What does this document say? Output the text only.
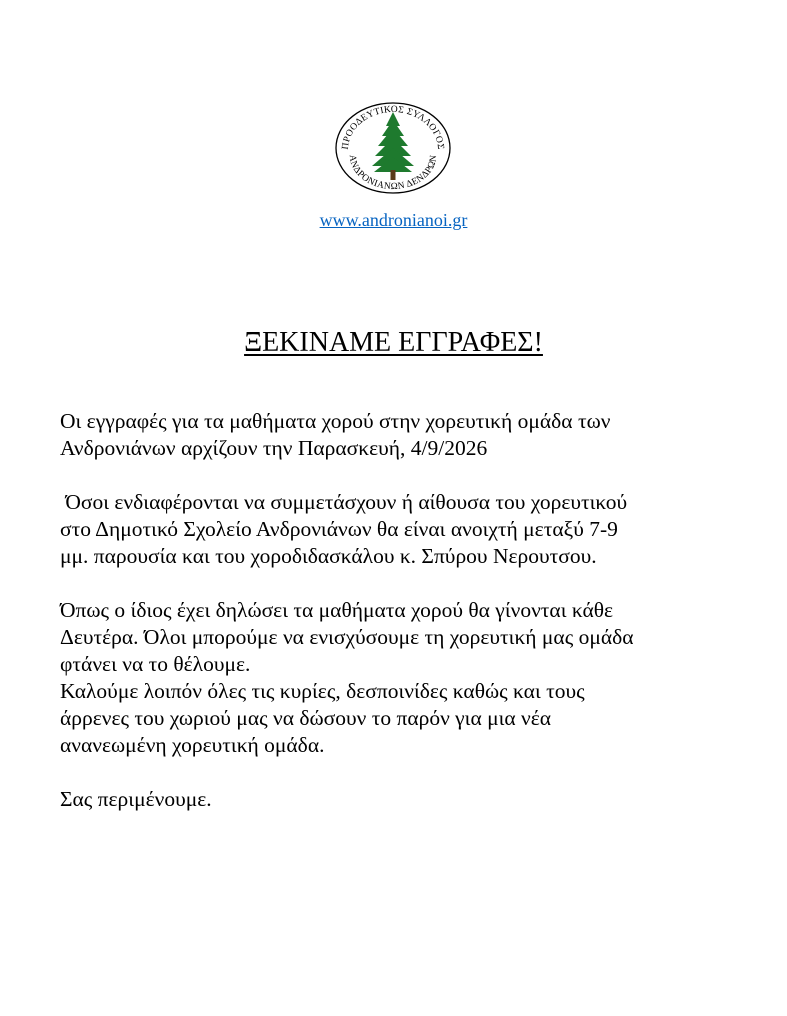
ΠΡΟΟΔΕΥΤΙΚΟΣ ΣΥΛΛΟΓΟΣ
ΑΝΔΡΟΝΙΑΝΩΝ ΔΕΝΔΡΩΝ
www.andronianoi.gr
ΞΕΚΙΝΑΜΕ ΕΓΓΡΑΦΕΣ!

Οι εγγραφές για τα μαθήματα χορού στην χορευτική ομάδα των

Ανδρονιάνων αρχίζουν την Παρασκευή, 4/9/2026

Όσοι ενδιαφέρονται να συμμετάσχουν ή αίθουσα του χορευτικού

στο Δημοτικό Σχολείο Ανδρονιάνων θα είναι ανοιχτή μεταξύ 7-9

μμ. παρουσία και του χοροδιδασκάλου κ. Σπύρου Νερουτσου.

Όπως ο ίδιος έχει δηλώσει τα μαθήματα χορού θα γίνονται κάθε

Δευτέρα. Όλοι μπορούμε να ενισχύσουμε τη χορευτική μας ομάδα

φτάνει να το θέλουμε.

Καλούμε λοιπόν όλες τις κυρίες, δεσποινίδες καθώς και τους

άρρενες του χωριού μας να δώσουν το παρόν για μια νέα

ανανεωμένη χορευτική ομάδα.

Σας περιμένουμε.
